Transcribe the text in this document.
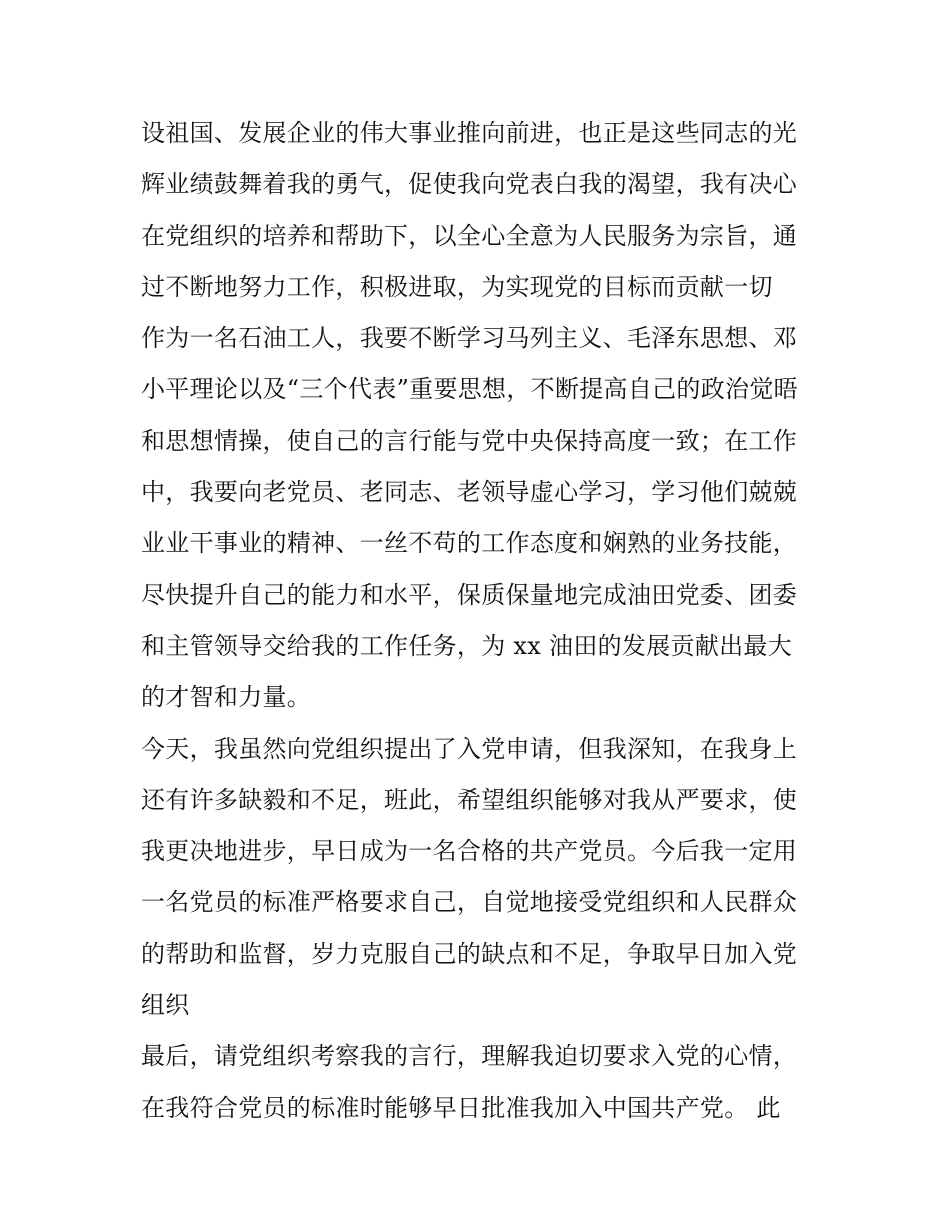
设祖国、发展企业的伟大事业推向前进，也正是这些同志的光
辉业绩鼓舞着我的勇气，促使我向党表白我的渴望，我有决心
在党组织的培养和帮助下，以全心全意为人民服务为宗旨，通
过不断地努力工作，积极进取，为实现党的目标而贡献一切
作为一名石油工人，我要不断学习马列主义、毛泽东思想、邓
小平理论以及“三个代表”重要思想，不断提高自己的政治觉晤
和思想情操，使自己的言行能与党中央保持高度一致；在工作
中，我要向老党员、老同志、老领导虚心学习，学习他们兢兢
业业干事业的精神、一丝不苟的工作态度和娴熟的业务技能，
尽快提升自己的能力和水平，保质保量地完成油田党委、团委
和主管领导交给我的工作任务，为 xx 油田的发展贡献出最大
的才智和力量。
今天，我虽然向党组织提出了入党申请，但我深知，在我身上
还有许多缺毅和不足，班此，希望组织能够对我从严要求，使
我更决地进步，早日成为一名合格的共产党员。今后我一定用
一名党员的标准严格要求自己，自觉地接受党组织和人民群众
的帮助和监督，岁力克服自己的缺点和不足，争取早日加入党
组织
最后，请党组织考察我的言行，理解我迫切要求入党的心情，
在我符合党员的标准时能够早日批准我加入中国共产党。 此
